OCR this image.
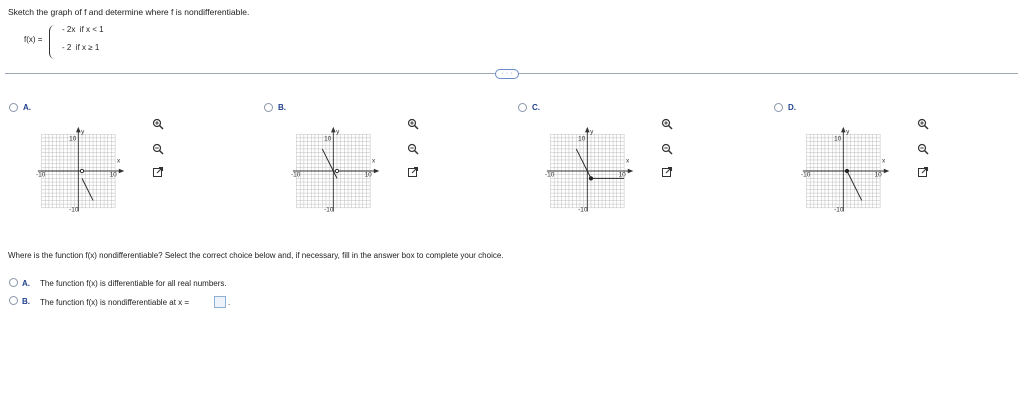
Sketch the graph of f and determine where f is nondifferentiable.
f(x) =
- 2x if x < 1
- 2 if x ≥ 1
· · ·
A.
y
x
10
-10
-10	10
B.
y
x
10
-10
-10	10
C.
y
x
10
-10
-10	10
D.
y
x
10
-10
-10	10
Where is the function f(x) nondifferentiable? Select the correct choice below and, if necessary, fill in the answer box to complete your choice.
A. The function f(x) is differentiable for all real numbers.
B. The function f(x) is nondifferentiable at x =	.
